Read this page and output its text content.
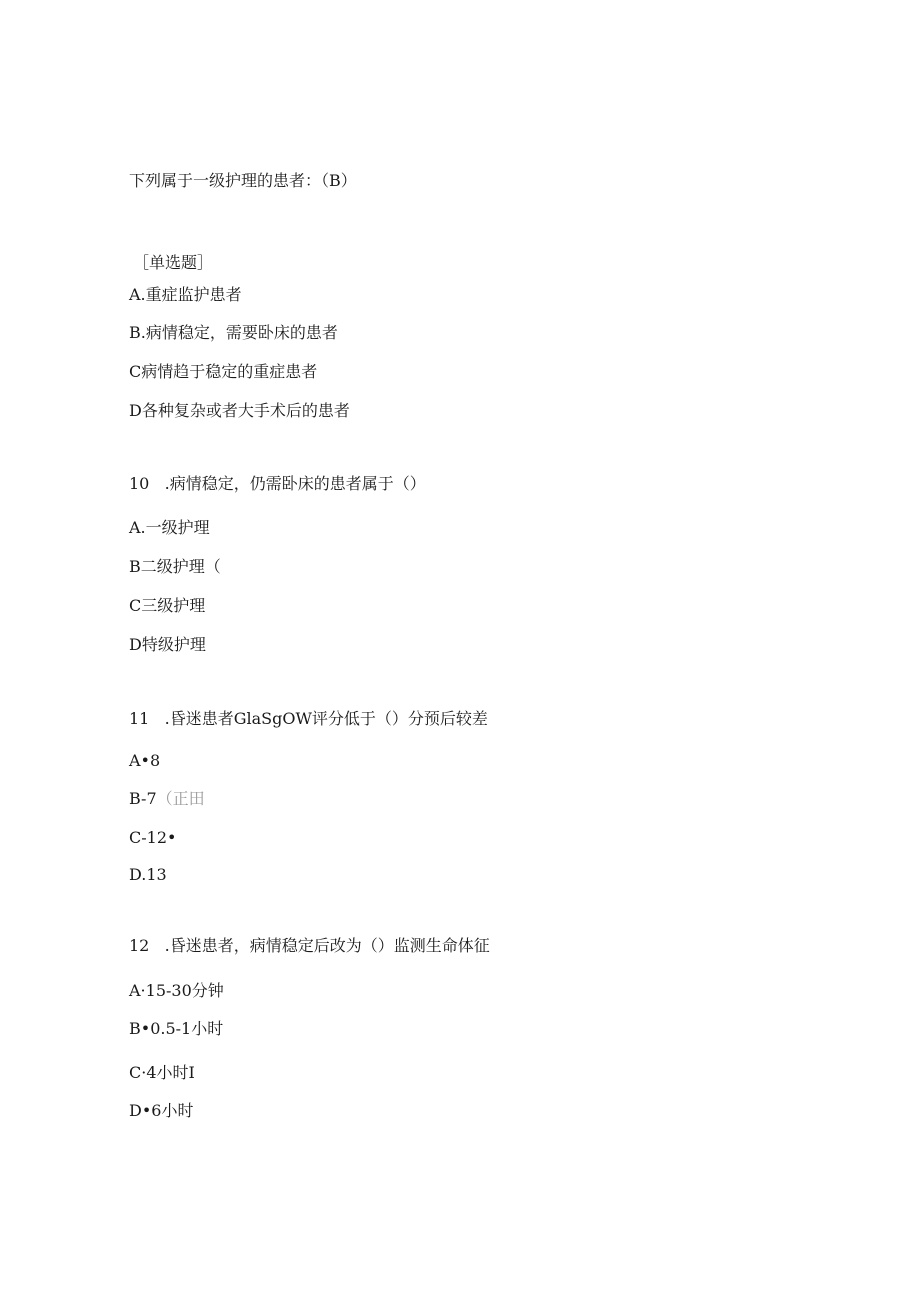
下列属于一级护理的患者：（B）
［单选题］
A.重症监护患者
B.病情稳定，需要卧床的患者
C病情趋于稳定的重症患者
D各种复杂或者大手术后的患者
10   .病情稳定，仍需卧床的患者属于（）
A.一级护理
B二级护理（
C三级护理
D特级护理
11   .昏迷患者GlaSgOW评分低于（）分预后较差
A•8
B-7（正田
C-12•
D.13
12   .昏迷患者，病情稳定后改为（）监测生命体征
A·15-30分钟
B•0.5-1小时
C·4小时I
D•6小时
